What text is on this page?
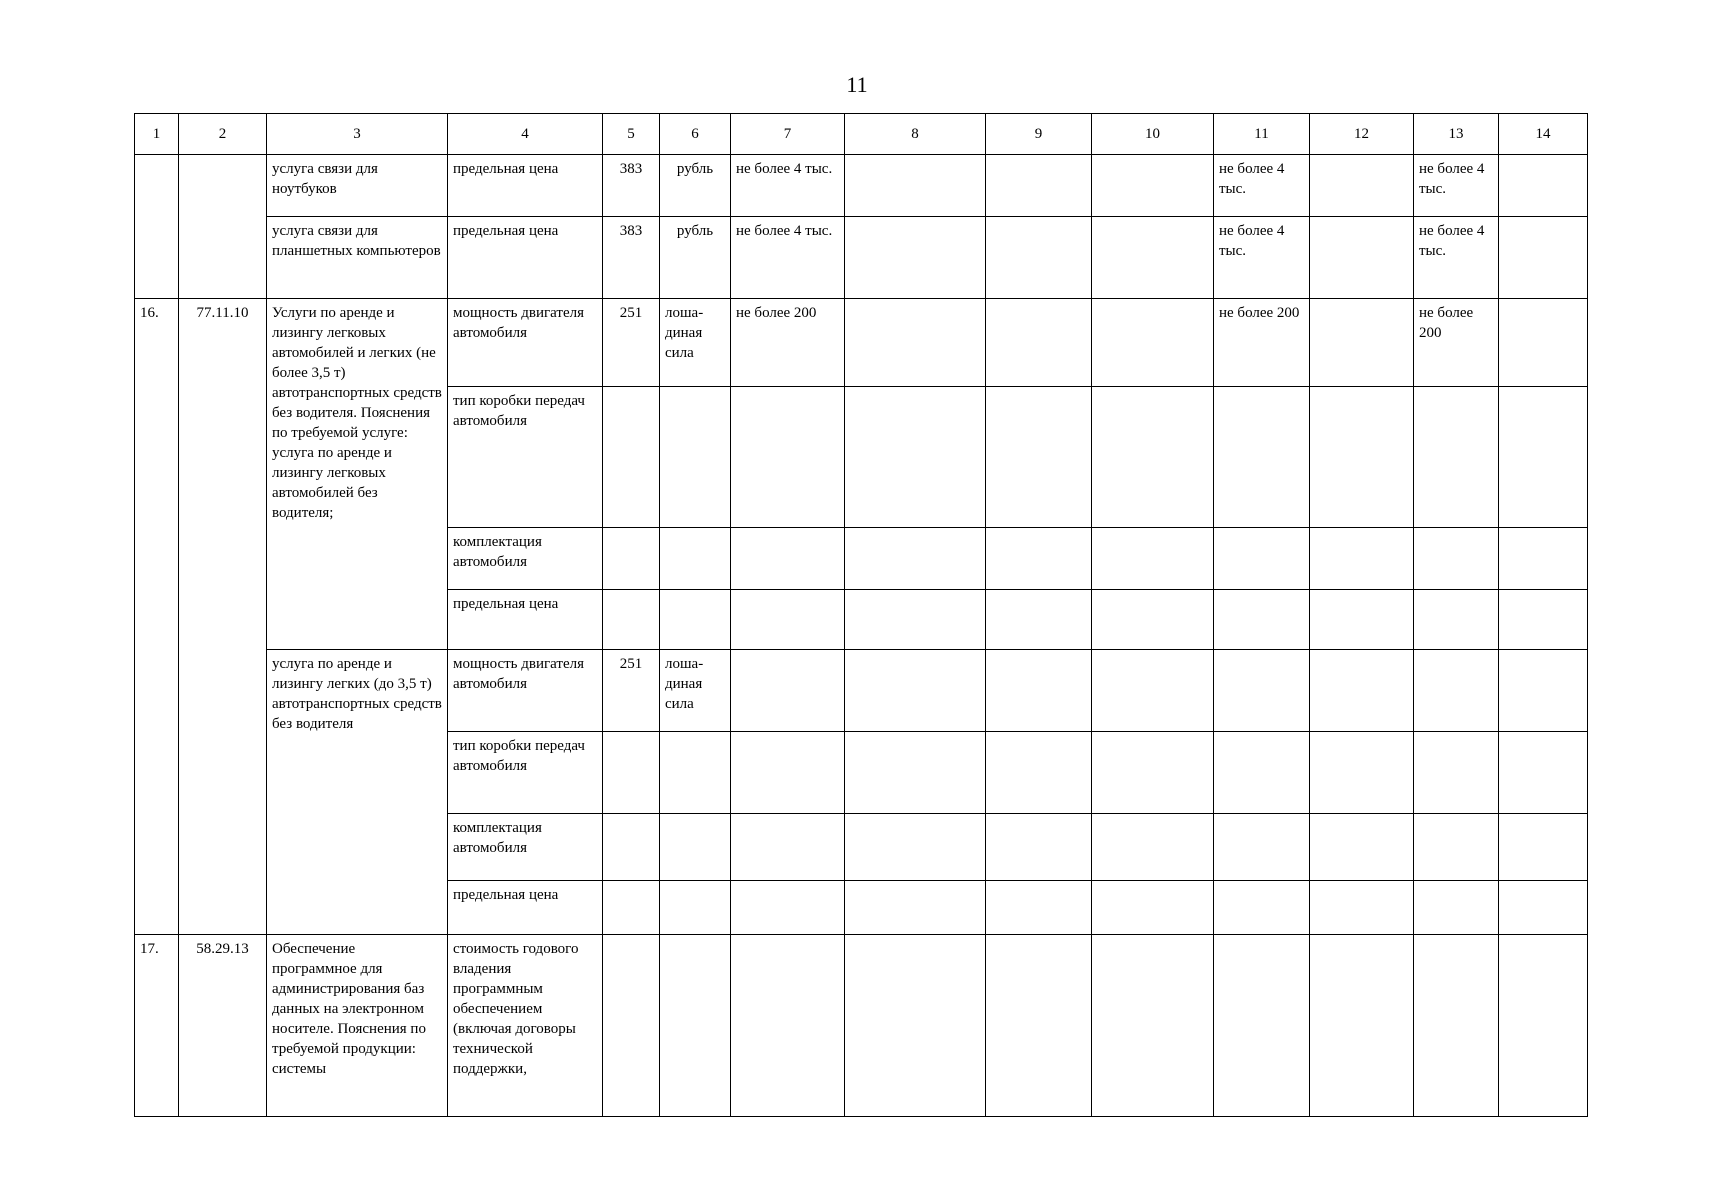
11
1	2	3	4	5	6	7	8	9	10	11	12	13	14
		услуга связи для ноутбуков	предельная цена	383	рубль	не более 4 тыс.				не более 4 тыс.		не более 4 тыс.	
		услуга связи для планшетных компьютеров	предельная цена	383	рубль	не более 4 тыс.				не более 4 тыс.		не более 4 тыс.	
16.	77.11.10	Услуги по аренде и лизингу легковых автомобилей и легких (не более 3,5 т) автотранспортных средств без водителя. Пояснения по требуемой услуге: услуга по аренде и лизингу легковых автомобилей без водителя;	мощность двигателя автомобиля	251	лоша-диная сила	не более 200				не более 200		не более 200	
			тип коробки передач автомобиля										
			комплектация автомобиля										
			предельная цена										
		услуга по аренде и лизингу легких (до 3,5 т) автотранспортных средств без водителя	мощность двигателя автомобиля	251	лоша-диная сила								
			тип коробки передач автомобиля										
			комплектация автомобиля										
			предельная цена										
17.	58.29.13	Обеспечение программное для администрирования баз данных на электронном носителе. Пояснения по требуемой продукции: системы	стоимость годового владения программным обеспечением (включая договоры технической поддержки,										
